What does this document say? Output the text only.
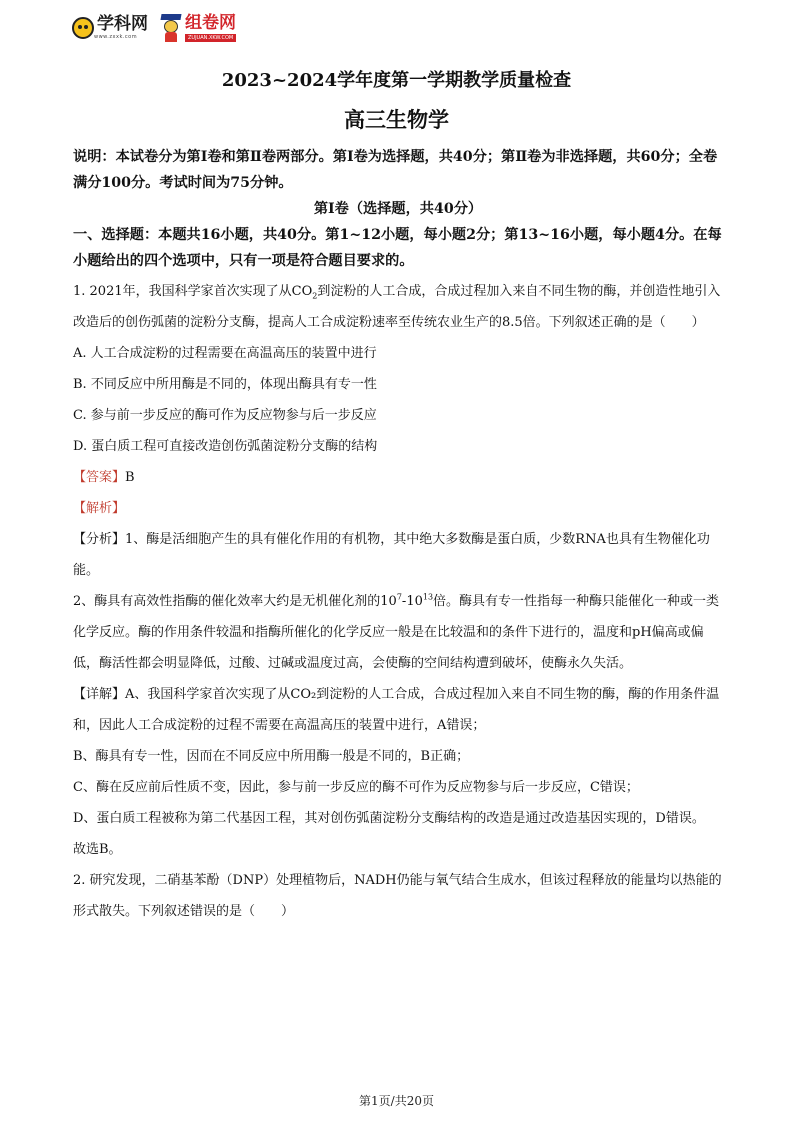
学科网
www.zxxk.com
组卷网
ZUJUAN.XKW.COM
2023~2024学年度第一学期教学质量检查
高三生物学

说明：本试卷分为第Ⅰ卷和第Ⅱ卷两部分。第Ⅰ卷为选择题，共40分；第Ⅱ卷为非选择题，共60分；全卷满分100分。考试时间为75分钟。

第Ⅰ卷（选择题，共40分）

一、选择题：本题共16小题，共40分。第1~12小题，每小题2分；第13~16小题，每小题4分。在每小题给出的四个选项中，只有一项是符合题目要求的。

1. 2021年，我国科学家首次实现了从$CO_2$到淀粉的人工合成，合成过程加入来自不同生物的酶，并创造性地引入改造后的创伤弧菌的淀粉分支酶，提高人工合成淀粉速率至传统农业生产的8.5倍。下列叙述正确的是（　　）

A. 人工合成淀粉的过程需要在高温高压的装置中进行

B. 不同反应中所用酶是不同的，体现出酶具有专一性

C. 参与前一步反应的酶可作为反应物参与后一步反应

D. 蛋白质工程可直接改造创伤弧菌淀粉分支酶的结构

【答案】B

【解析】

【分析】1、酶是活细胞产生的具有催化作用的有机物，其中绝大多数酶是蛋白质，少数RNA也具有生物催化功能。

2、酶具有高效性指酶的催化效率大约是无机催化剂的$10^7-10^{13}$倍。酶具有专一性指每一种酶只能催化一种或一类化学反应。酶的作用条件较温和指酶所催化的化学反应一般是在比较温和的条件下进行的，温度和pH偏高或偏低，酶活性都会明显降低，过酸、过碱或温度过高，会使酶的空间结构遭到破坏，使酶永久失活。

【详解】A、我国科学家首次实现了从CO₂到淀粉的人工合成，合成过程加入来自不同生物的酶，酶的作用条件温和，因此人工合成淀粉的过程不需要在高温高压的装置中进行，A错误；

B、酶具有专一性，因而在不同反应中所用酶一般是不同的，B正确；

C、酶在反应前后性质不变，因此，参与前一步反应的酶不可作为反应物参与后一步反应，C错误；

D、蛋白质工程被称为第二代基因工程，其对创伤弧菌淀粉分支酶结构的改造是通过改造基因实现的，D错误。

故选B。

2. 研究发现，二硝基苯酚（DNP）处理植物后，NADH仍能与氧气结合生成水，但该过程释放的能量均以热能的形式散失。下列叙述错误的是（　　）

第1页/共20页
